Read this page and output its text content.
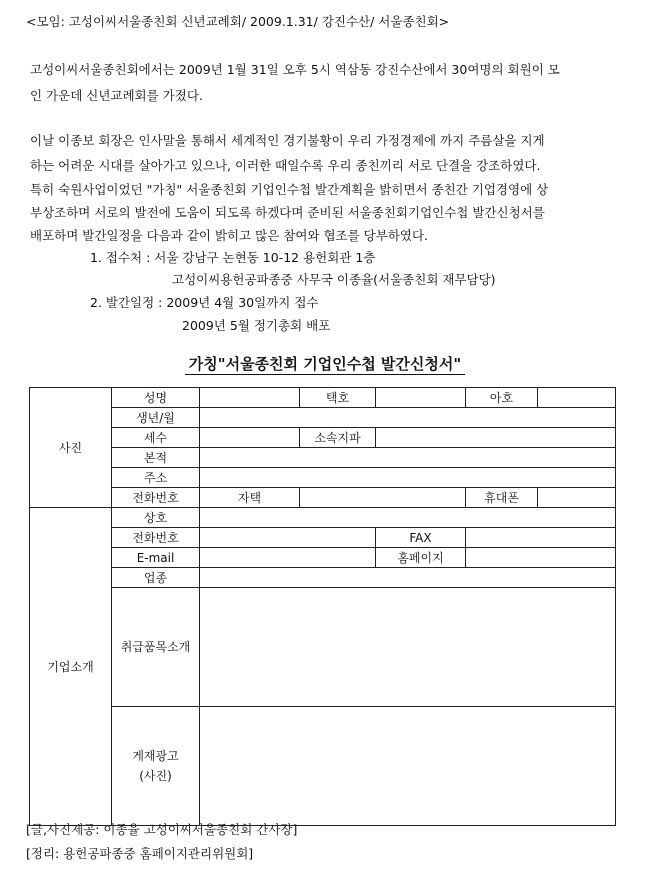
<모임: 고성이씨서울종친회 신년교례회/ 2009.1.31/ 강진수산/ 서울종친회>
고성이씨서울종친회에서는 2009년 1월 31일 오후 5시 역삼동 강진수산에서 30여명의 회원이 모
인 가운데 신년교례회를 가졌다.
이날 이종보 회장은 인사말을 통해서 세계적인 경기불황이 우리 가정경제에 까지 주름살을 지게
하는 어려운 시대를 살아가고 있으나, 이러한 때일수록 우리 종친끼리 서로 단결을 강조하였다.
특히 숙원사업이었던 "가칭" 서울종친회 기업인수첩 발간계획을 밝히면서 종친간 기업경영에 상
부상조하며 서로의 발전에 도움이 되도록 하겠다며 준비된 서울종친회기업인수첩 발간신청서를
배포하며 발간일정을 다음과 같이 밝히고 많은 참여와 협조를 당부하였다.
1. 접수처 : 서울 강남구 논현동 10-12 용헌회관 1층
고성이씨용헌공파종중 사무국 이종율(서울종친회 재무담당)
2. 발간일정 : 2009년 4월 30일까지 접수
2009년 5월 정기총회 배포
가칭"서울종친회 기업인수첩 발간신청서"
사진	성명		택호		아호	
	생년/월					
	세수		소속지파			
	본적					
	주소					
	전화번호	자택			휴대폰	
기업소개	상호					
	전화번호			FAX		
	E-mail			홈페이지		
	업종					
	취급품목소개					
	게재광고
(사진)					
[글,사진제공: 이종율 고성이씨서울종친회 간사장]
[정리: 용헌공파종중 홈페이지관리위원회]
